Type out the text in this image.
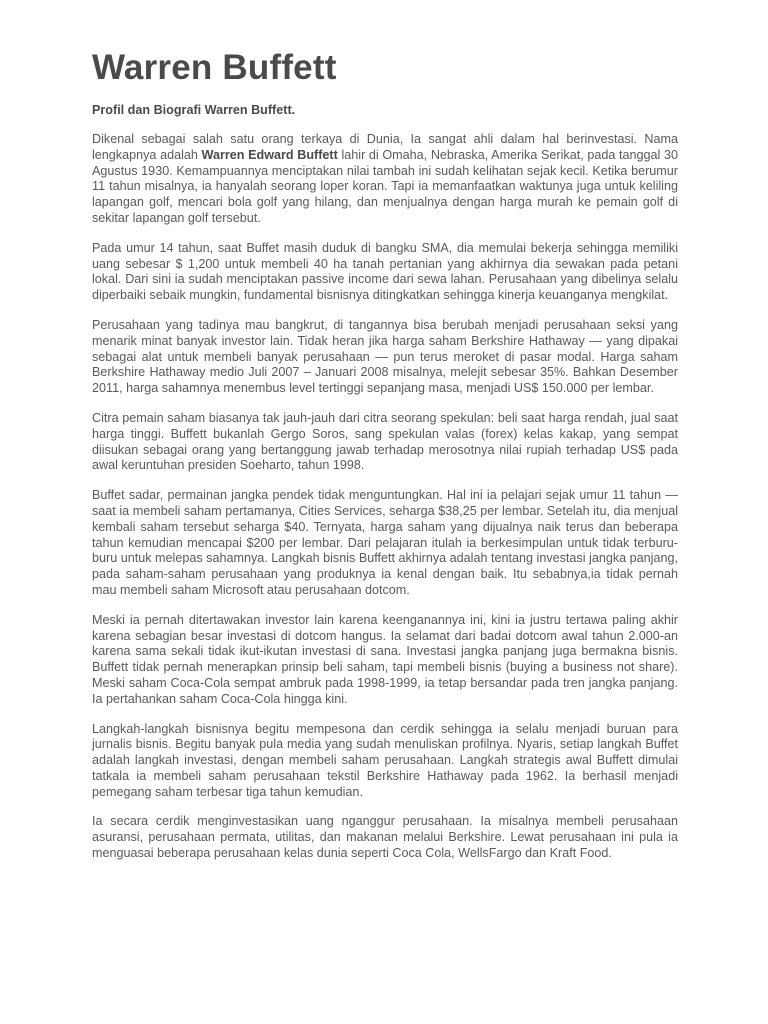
Warren Buffett

Profil dan Biografi Warren Buffett.

Dikenal sebagai salah satu orang terkaya di Dunia, Ia sangat ahli dalam hal berinvestasi. Nama lengkapnya adalah Warren Edward Buffett lahir di Omaha, Nebraska, Amerika Serikat, pada tanggal 30 Agustus 1930. Kemampuannya menciptakan nilai tambah ini sudah kelihatan sejak kecil. Ketika berumur 11 tahun misalnya, ia hanyalah seorang loper koran. Tapi ia memanfaatkan waktunya juga untuk keliling lapangan golf, mencari bola golf yang hilang, dan menjualnya dengan harga murah ke pemain golf di sekitar lapangan golf tersebut.

Pada umur 14 tahun, saat Buffet masih duduk di bangku SMA, dia memulai bekerja sehingga memiliki uang sebesar $ 1,200 untuk membeli 40 ha tanah pertanian yang akhirnya dia sewakan pada petani lokal. Dari sini ia sudah menciptakan passive income dari sewa lahan. Perusahaan yang dibelinya selalu diperbaiki sebaik mungkin, fundamental bisnisnya ditingkatkan sehingga kinerja keuanganya mengkilat.

Perusahaan yang tadinya mau bangkrut, di tangannya bisa berubah menjadi perusahaan seksi yang menarik minat banyak investor lain. Tidak heran jika harga saham Berkshire Hathaway — yang dipakai sebagai alat untuk membeli banyak perusahaan — pun terus meroket di pasar modal. Harga saham Berkshire Hathaway medio Juli 2007 – Januari 2008 misalnya, melejit sebesar 35%. Bahkan Desember 2011, harga sahamnya menembus level tertinggi sepanjang masa, menjadi US$ 150.000 per lembar.

Citra pemain saham biasanya tak jauh-jauh dari citra seorang spekulan: beli saat harga rendah, jual saat harga tinggi. Buffett bukanlah Gergo Soros, sang spekulan valas (forex) kelas kakap, yang sempat diisukan sebagai orang yang bertanggung jawab terhadap merosotnya nilai rupiah terhadap US$ pada awal keruntuhan presiden Soeharto, tahun 1998.

Buffet sadar, permainan jangka pendek tidak menguntungkan. Hal ini ia pelajari sejak umur 11 tahun — saat ia membeli saham pertamanya, Cities Services, seharga $38,25 per lembar. Setelah itu, dia menjual kembali saham tersebut seharga $40. Ternyata, harga saham yang dijualnya naik terus dan beberapa tahun kemudian mencapai $200 per lembar. Dari pelajaran itulah ia berkesimpulan untuk tidak terburu-buru untuk melepas sahamnya. Langkah bisnis Buffett akhirnya adalah tentang investasi jangka panjang, pada saham-saham perusahaan yang produknya ia kenal dengan baik. Itu sebabnya,ia tidak pernah mau membeli saham Microsoft atau perusahaan dotcom.

Meski ia pernah ditertawakan investor lain karena keenganannya ini, kini ia justru tertawa paling akhir karena sebagian besar investasi di dotcom hangus. Ia selamat dari badai dotcom awal tahun 2.000-an karena sama sekali tidak ikut-ikutan investasi di sana. Investasi jangka panjang juga bermakna bisnis. Buffett tidak pernah menerapkan prinsip beli saham, tapi membeli bisnis (buying a business not share). Meski saham Coca-Cola sempat ambruk pada 1998-1999, ia tetap bersandar pada tren jangka panjang. Ia pertahankan saham Coca-Cola hingga kini.

Langkah-langkah bisnisnya begitu mempesona dan cerdik sehingga ia selalu menjadi buruan para jurnalis bisnis. Begitu banyak pula media yang sudah menuliskan profilnya. Nyaris, setiap langkah Buffet adalah langkah investasi, dengan membeli saham perusahaan. Langkah strategis awal Buffett dimulai tatkala ia membeli saham perusahaan tekstil Berkshire Hathaway pada 1962. Ia berhasil menjadi pemegang saham terbesar tiga tahun kemudian.

Ia secara cerdik menginvestasikan uang nganggur perusahaan. Ia misalnya membeli perusahaan asuransi, perusahaan permata, utilitas, dan makanan melalui Berkshire. Lewat perusahaan ini pula ia menguasai beberapa perusahaan kelas dunia seperti Coca Cola, WellsFargo dan Kraft Food.
